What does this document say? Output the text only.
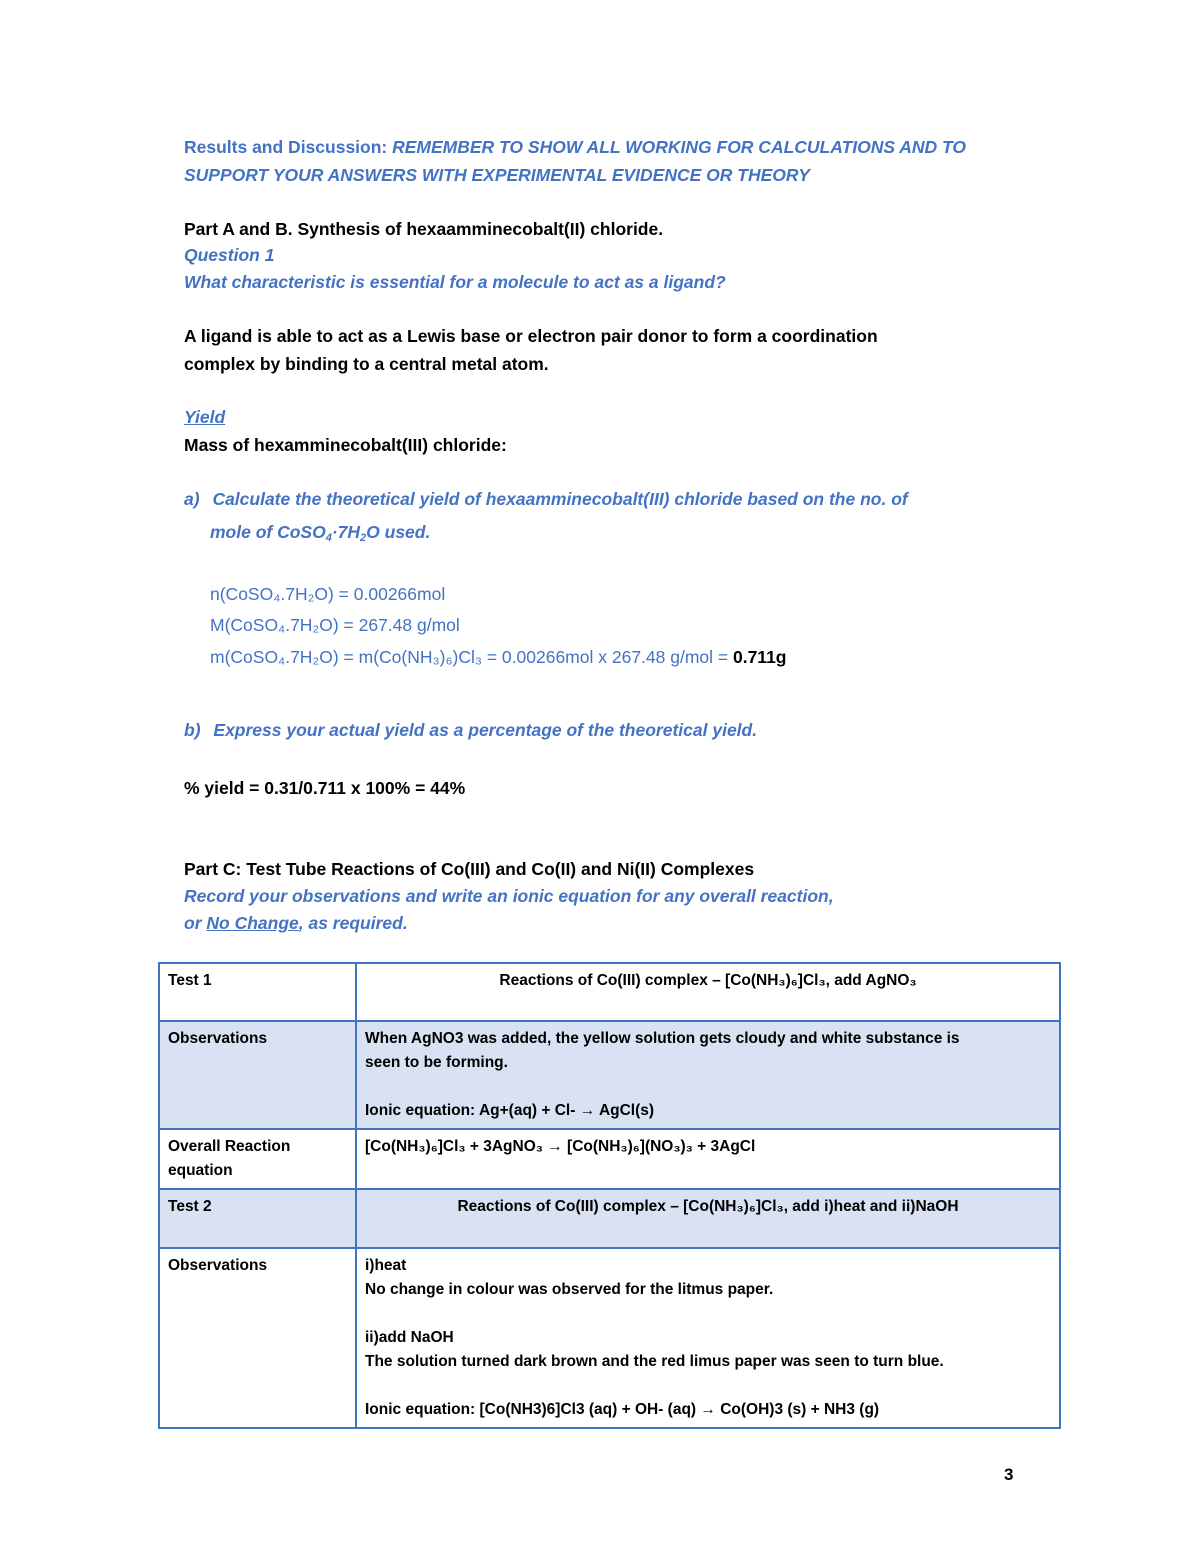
Results and Discussion: REMEMBER TO SHOW ALL WORKING FOR CALCULATIONS AND TO
SUPPORT YOUR ANSWERS WITH EXPERIMENTAL EVIDENCE OR THEORY
Part A and B. Synthesis of hexaamminecobalt(II) chloride.
Question 1
What characteristic is essential for a molecule to act as a ligand?
A ligand is able to act as a Lewis base or electron pair donor to form a coordination
complex by binding to a central metal atom.
Yield
Mass of hexamminecobalt(III) chloride:
a) Calculate the theoretical yield of hexaamminecobalt(III) chloride based on the no. of
mole of $CoSO_4\cdot 7H_2O$ used.
n(CoSO₄.7H₂O) = 0.00266mol
M(CoSO₄.7H₂O) = 267.48 g/mol
m(CoSO₄.7H₂O) = m(Co(NH₃)₆)Cl₃ = 0.00266mol x 267.48 g/mol = 0.711g
b) Express your actual yield as a percentage of the theoretical yield.
% yield = 0.31/0.711 x 100% = 44%
Part C: Test Tube Reactions of Co(III) and Co(II) and Ni(II) Complexes
Record your observations and write an ionic equation for any overall reaction,
or No Change, as required.
Test 1	Reactions of Co(III) complex – [Co(NH₃)₆]Cl₃, add AgNO₃
Observations	When AgNO3 was added, the yellow solution gets cloudy and white substance is
seen to be forming.
Ionic equation: Ag+(aq) + Cl- → AgCl(s)

Overall Reaction equation	[Co(NH₃)₆]Cl₃ + 3AgNO₃ → [Co(NH₃)₆](NO₃)₃ + 3AgCl
Test 2	Reactions of Co(III) complex – [Co(NH₃)₆]Cl₃, add i)heat and ii)NaOH
Observations	i)heat
No change in colour was observed for the litmus paper.
ii)add NaOH
The solution turned dark brown and the red limus paper was seen to turn blue.
Ionic equation: [Co(NH3)6]Cl3 (aq) + OH- (aq) → Co(OH)3 (s) + NH3 (g)
3
